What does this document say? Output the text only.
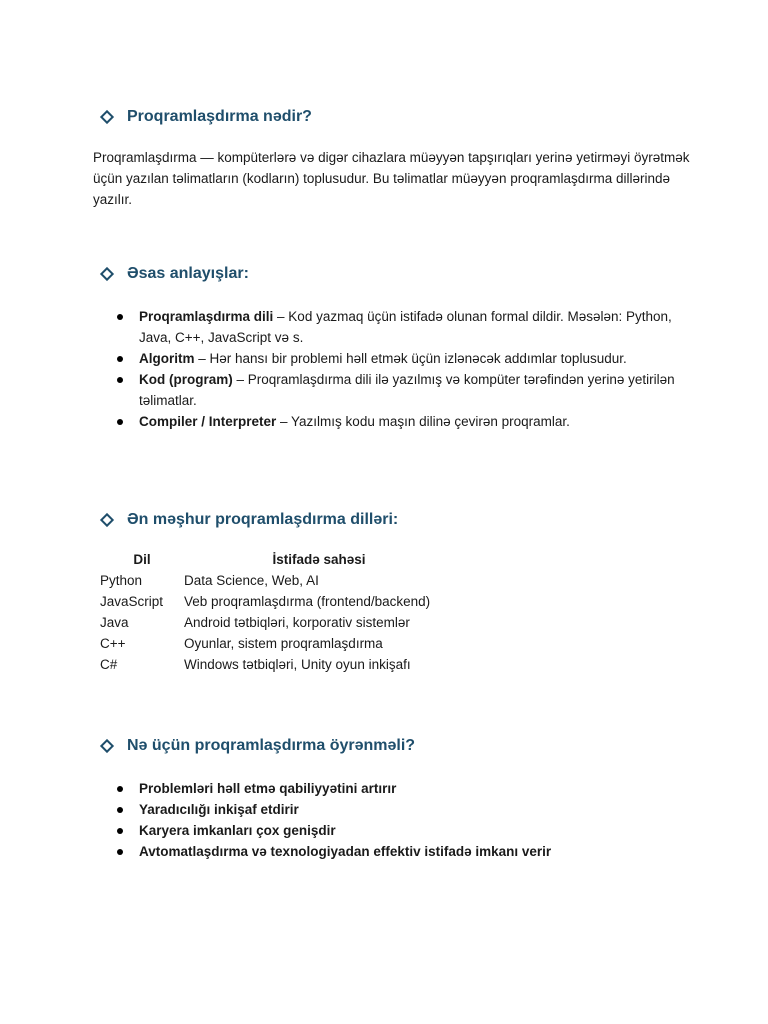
Proqramlaşdırma nədir?

Proqramlaşdırma — kompüterlərə və digər cihazlara müəyyən tapşırıqları yerinə yetirməyi öyrətmək üçün yazılan təlimatların (kodların) toplusudur. Bu təlimatlar müəyyən proqramlaşdırma dillərində yazılır.

Əsas anlayışlar:
Proqramlaşdırma dili – Kod yazmaq üçün istifadə olunan formal dildir. Məsələn: Python, Java, C++, JavaScript və s.
Algoritm – Hər hansı bir problemi həll etmək üçün izlənəcək addımlar toplusudur.
Kod (program) – Proqramlaşdırma dili ilə yazılmış və kompüter tərəfindən yerinə yetirilən təlimatlar.
Compiler / Interpreter – Yazılmış kodu maşın dilinə çevirən proqramlar.
Ən məşhur proqramlaşdırma dilləri:
Dil	İstifadə sahəsi
Python	Data Science, Web, AI
JavaScript	Veb proqramlaşdırma (frontend/backend)
Java	Android tətbiqləri, korporativ sistemlər
C++	Oyunlar, sistem proqramlaşdırma
C#	Windows tətbiqləri, Unity oyun inkişafı
Nə üçün proqramlaşdırma öyrənməli?
Problemləri həll etmə qabiliyyətini artırır
Yaradıcılığı inkişaf etdirir
Karyera imkanları çox genişdir
Avtomatlaşdırma və texnologiyadan effektiv istifadə imkanı verir
